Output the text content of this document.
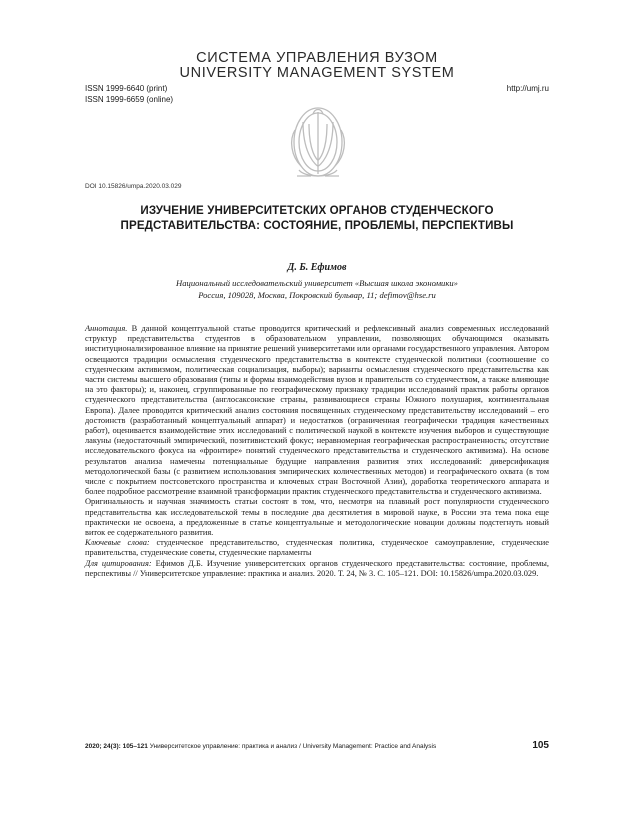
СИСТЕМА УПРАВЛЕНИЯ ВУЗОМ
UNIVERSITY MANAGEMENT SYSTEM
ISSN 1999-6640 (print)
ISSN 1999-6659 (online)
http://umj.ru
DOI 10.15826/umpa.2020.03.029
ИЗУЧЕНИЕ УНИВЕРСИТЕТСКИХ ОРГАНОВ СТУДЕНЧЕСКОГО ПРЕДСТАВИТЕЛЬСТВА: СОСТОЯНИЕ, ПРОБЛЕМЫ, ПЕРСПЕКТИВЫ
Д. Б. Ефимов
Национальный исследовательский университет «Высшая школа экономики»
Россия, 109028, Москва, Покровский бульвар, 11; defimov@hse.ru

Аннотация. В данной концептуальной статье проводится критический и рефлексивный анализ современных исследований структур представительства студентов в образовательном управлении, позволяющих обучающимся оказывать институционализированное влияние на принятие решений университетами или органами государственного управления. Автором освещаются традиции осмысления студенческого представительства в контексте студенческой политики (соотношение со студенческим активизмом, политическая социализация, выборы); варианты осмысления студенческого представительства как части системы высшего образования (типы и формы взаимодействия вузов и правительств со студенчеством, а также влияющие на это факторы); и, наконец, сгруппированные по географическому признаку традиции исследований практик работы органов студенческого представительства (англосаксонские страны, развивающиеся страны Южного полушария, континентальная Европа). Далее проводится критический анализ состояния посвященных студенческому представительству исследований – его достоинств (разработанный концептуальный аппарат) и недостатков (ограниченная географически традиция качественных работ), оценивается взаимодействие этих исследований с политической наукой в контексте изучения выборов и существующие лакуны (недостаточный эмпирический, позитивистский фокус; неравномерная географическая распространенность; отсутствие исследовательского фокуса на «фронтире» понятий студенческого представительства и студенческого активизма). На основе результатов анализа намечены потенциальные будущие направления развития этих исследований: диверсификация методологической базы (с развитием использования эмпирических количественных методов) и географического охвата (в том числе с покрытием постсоветского пространства и ключевых стран Восточной Азии), доработка теоретического аппарата и более подробное рассмотрение взаимной трансформации практик студенческого представительства и студенческого активизма.

Оригинальность и научная значимость статьи состоят в том, что, несмотря на плавный рост популярности студенческого представительства как исследовательской темы в последние два десятилетия в мировой науке, в России эта тема пока еще практически не освоена, а предложенные в статье концептуальные и методологические новации должны подстегнуть новый виток ее содержательного развития.

Ключевые слова: студенческое представительство, студенческая политика, студенческое самоуправление, студенческие правительства, студенческие советы, студенческие парламенты

Для цитирования: Ефимов Д.Б. Изучение университетских органов студенческого представительства: состояние, проблемы, перспективы // Университетское управление: практика и анализ. 2020. Т. 24, № 3. С. 105–121. DOI: 10.15826/umpa.2020.03.029.

2020; 24(3): 105–121 Университетское управление: практика и анализ / University Management: Practice and Analysis	105
